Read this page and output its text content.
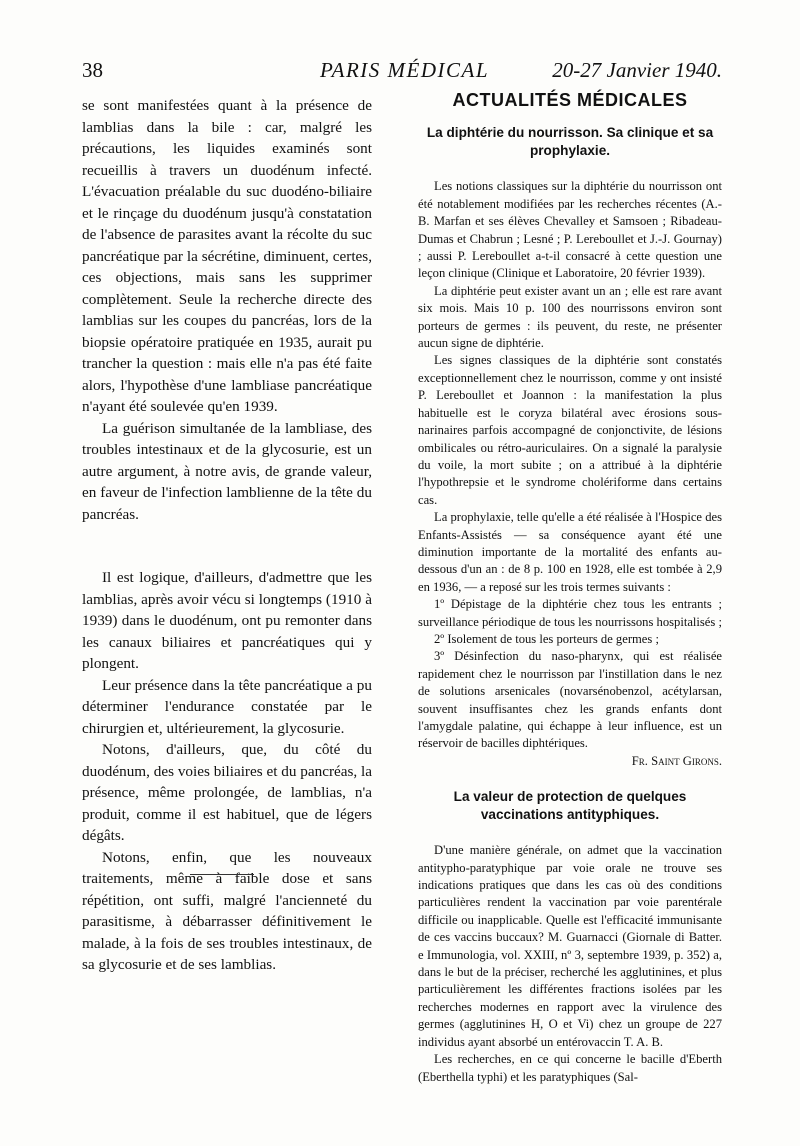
38	PARIS MÉDICAL	20-27 Janvier 1940.

se sont manifestées quant à la présence de lamblias dans la bile : car, malgré les précautions, les liquides examinés sont recueillis à travers un duodénum infecté. L'évacuation préalable du suc duodéno-biliaire et le rinçage du duodénum jusqu'à constatation de l'absence de parasites avant la récolte du suc pancréatique par la sécrétine, diminuent, certes, ces objections, mais sans les supprimer complètement. Seule la recherche directe des lamblias sur les coupes du pancréas, lors de la biopsie opératoire pratiquée en 1935, aurait pu trancher la question : mais elle n'a pas été faite alors, l'hypothèse d'une lambliase pancréatique n'ayant été soulevée qu'en 1939.

La guérison simultanée de la lambliase, des troubles intestinaux et de la glycosurie, est un autre argument, à notre avis, de grande valeur, en faveur de l'infection lamblienne de la tête du pancréas.

Il est logique, d'ailleurs, d'admettre que les lamblias, après avoir vécu si longtemps (1910 à 1939) dans le duodénum, ont pu remonter dans les canaux biliaires et pancréatiques qui y plongent.

Leur présence dans la tête pancréatique a pu déterminer l'endurance constatée par le chirurgien et, ultérieurement, la glycosurie.

Notons, d'ailleurs, que, du côté du duodénum, des voies biliaires et du pancréas, la présence, même prolongée, de lamblias, n'a produit, comme il est habituel, que de légers dégâts.

Notons, enfin, que les nouveaux traitements, même à faible dose et sans répétition, ont suffi, malgré l'ancienneté du parasitisme, à débarrasser définitivement le malade, à la fois de ses troubles intestinaux, de sa glycosurie et de ses lamblias.

ACTUALITÉS MÉDICALES
La diphtérie du nourrisson. Sa clinique et sa prophylaxie.

Les notions classiques sur la diphtérie du nourrisson ont été notablement modifiées par les recherches récentes (A.-B. Marfan et ses élèves Chevalley et Samsoen ; Ribadeau-Dumas et Chabrun ; Lesné ; P. Lereboullet et J.-J. Gournay) ; aussi P. Lereboullet a-t-il consacré à cette question une leçon clinique (Clinique et Laboratoire, 20 février 1939).

La diphtérie peut exister avant un an ; elle est rare avant six mois. Mais 10 p. 100 des nourrissons environ sont porteurs de germes : ils peuvent, du reste, ne présenter aucun signe de diphtérie.

Les signes classiques de la diphtérie sont constatés exceptionnellement chez le nourrisson, comme y ont insisté P. Lereboullet et Joannon : la manifestation la plus habituelle est le coryza bilatéral avec érosions sous-narinaires parfois accompagné de conjonctivite, de lésions ombilicales ou rétro-auriculaires. On a signalé la paralysie du voile, la mort subite ; on a attribué à la diphtérie l'hypothrepsie et le syndrome cholériforme dans certains cas.

La prophylaxie, telle qu'elle a été réalisée à l'Hospice des Enfants-Assistés — sa conséquence ayant été une diminution importante de la mortalité des enfants au-dessous d'un an : de 8 p. 100 en 1928, elle est tombée à 2,9 en 1936, — a reposé sur les trois termes suivants :

1º Dépistage de la diphtérie chez tous les entrants ; surveillance périodique de tous les nourrissons hospitalisés ;

2º Isolement de tous les porteurs de germes ;

3º Désinfection du naso-pharynx, qui est réalisée rapidement chez le nourrisson par l'instillation dans le nez de solutions arsenicales (novarsénobenzol, acétylarsan, souvent insuffisantes chez les grands enfants dont l'amygdale palatine, qui échappe à leur influence, est un réservoir de bacilles diphtériques.

Fr. Saint Girons.

La valeur de protection de quelques vaccinations antityphiques.

D'une manière générale, on admet que la vaccination antitypho-paratyphique par voie orale ne trouve ses indications pratiques que dans les cas où des conditions particulières rendent la vaccination par voie parentérale difficile ou inapplicable. Quelle est l'efficacité immunisante de ces vaccins buccaux? M. Guarnacci (Giornale di Batter. e Immunologia, vol. XXIII, nº 3, septembre 1939, p. 352) a, dans le but de la préciser, recherché les agglutinines, et plus particulièrement les différentes fractions isolées par les recherches modernes en rapport avec la virulence des germes (agglutinines H, O et Vi) chez un groupe de 227 individus ayant absorbé un entérovaccin T. A. B.

Les recherches, en ce qui concerne le bacille d'Eberth (Eberthella typhi) et les paratyphiques (Sal-
